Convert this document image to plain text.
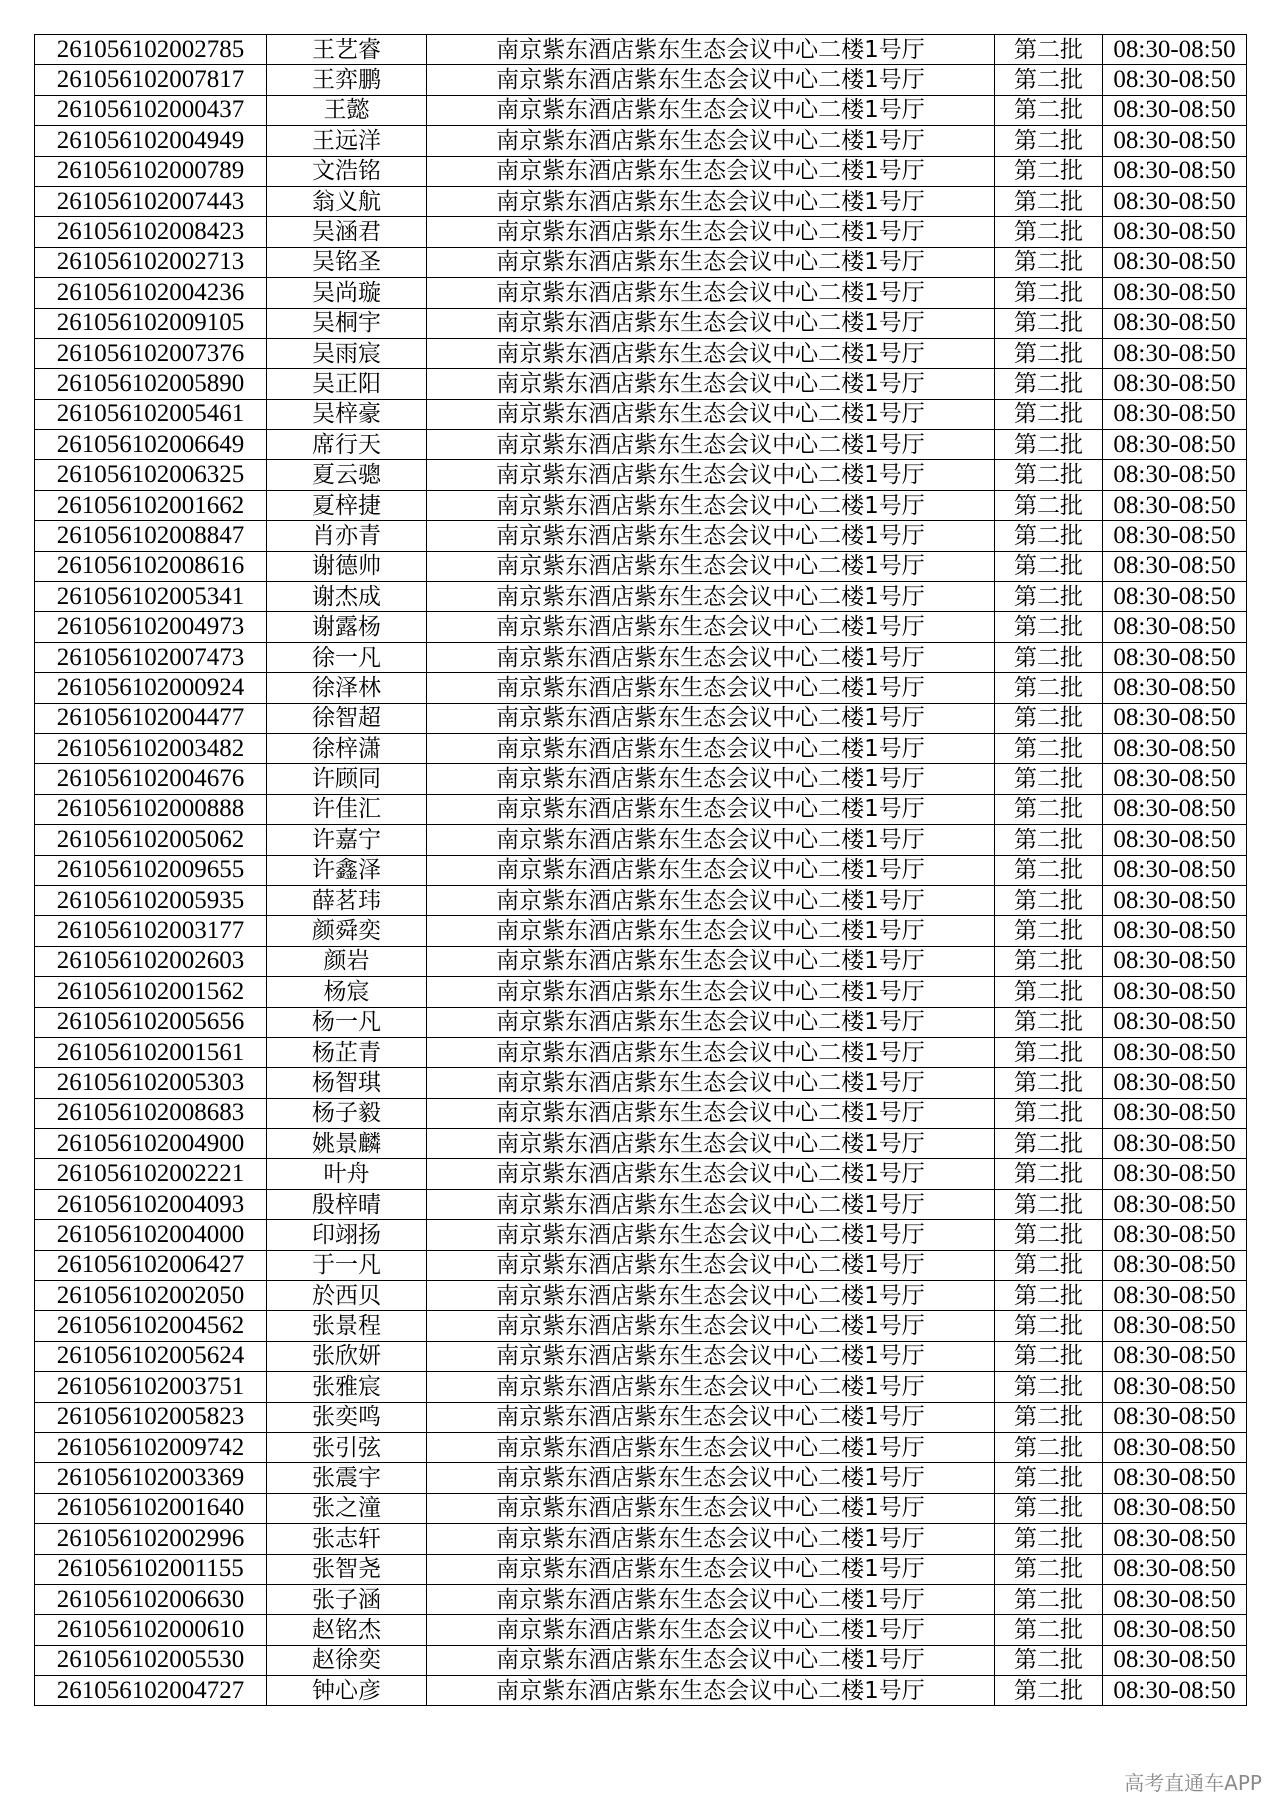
261056102002785	王艺睿	南京紫东酒店紫东生态会议中心二楼1号厅	第二批	08:30-08:50
261056102007817	王弈鹏	南京紫东酒店紫东生态会议中心二楼1号厅	第二批	08:30-08:50
261056102000437	王懿	南京紫东酒店紫东生态会议中心二楼1号厅	第二批	08:30-08:50
261056102004949	王远洋	南京紫东酒店紫东生态会议中心二楼1号厅	第二批	08:30-08:50
261056102000789	文浩铭	南京紫东酒店紫东生态会议中心二楼1号厅	第二批	08:30-08:50
261056102007443	翁义航	南京紫东酒店紫东生态会议中心二楼1号厅	第二批	08:30-08:50
261056102008423	吴涵君	南京紫东酒店紫东生态会议中心二楼1号厅	第二批	08:30-08:50
261056102002713	吴铭圣	南京紫东酒店紫东生态会议中心二楼1号厅	第二批	08:30-08:50
261056102004236	吴尚璇	南京紫东酒店紫东生态会议中心二楼1号厅	第二批	08:30-08:50
261056102009105	吴桐宇	南京紫东酒店紫东生态会议中心二楼1号厅	第二批	08:30-08:50
261056102007376	吴雨宸	南京紫东酒店紫东生态会议中心二楼1号厅	第二批	08:30-08:50
261056102005890	吴正阳	南京紫东酒店紫东生态会议中心二楼1号厅	第二批	08:30-08:50
261056102005461	吴梓豪	南京紫东酒店紫东生态会议中心二楼1号厅	第二批	08:30-08:50
261056102006649	席行天	南京紫东酒店紫东生态会议中心二楼1号厅	第二批	08:30-08:50
261056102006325	夏云骢	南京紫东酒店紫东生态会议中心二楼1号厅	第二批	08:30-08:50
261056102001662	夏梓捷	南京紫东酒店紫东生态会议中心二楼1号厅	第二批	08:30-08:50
261056102008847	肖亦青	南京紫东酒店紫东生态会议中心二楼1号厅	第二批	08:30-08:50
261056102008616	谢德帅	南京紫东酒店紫东生态会议中心二楼1号厅	第二批	08:30-08:50
261056102005341	谢杰成	南京紫东酒店紫东生态会议中心二楼1号厅	第二批	08:30-08:50
261056102004973	谢露杨	南京紫东酒店紫东生态会议中心二楼1号厅	第二批	08:30-08:50
261056102007473	徐一凡	南京紫东酒店紫东生态会议中心二楼1号厅	第二批	08:30-08:50
261056102000924	徐泽林	南京紫东酒店紫东生态会议中心二楼1号厅	第二批	08:30-08:50
261056102004477	徐智超	南京紫东酒店紫东生态会议中心二楼1号厅	第二批	08:30-08:50
261056102003482	徐梓潇	南京紫东酒店紫东生态会议中心二楼1号厅	第二批	08:30-08:50
261056102004676	许顾同	南京紫东酒店紫东生态会议中心二楼1号厅	第二批	08:30-08:50
261056102000888	许佳汇	南京紫东酒店紫东生态会议中心二楼1号厅	第二批	08:30-08:50
261056102005062	许嘉宁	南京紫东酒店紫东生态会议中心二楼1号厅	第二批	08:30-08:50
261056102009655	许鑫泽	南京紫东酒店紫东生态会议中心二楼1号厅	第二批	08:30-08:50
261056102005935	薛茗玮	南京紫东酒店紫东生态会议中心二楼1号厅	第二批	08:30-08:50
261056102003177	颜舜奕	南京紫东酒店紫东生态会议中心二楼1号厅	第二批	08:30-08:50
261056102002603	颜岩	南京紫东酒店紫东生态会议中心二楼1号厅	第二批	08:30-08:50
261056102001562	杨宸	南京紫东酒店紫东生态会议中心二楼1号厅	第二批	08:30-08:50
261056102005656	杨一凡	南京紫东酒店紫东生态会议中心二楼1号厅	第二批	08:30-08:50
261056102001561	杨芷青	南京紫东酒店紫东生态会议中心二楼1号厅	第二批	08:30-08:50
261056102005303	杨智琪	南京紫东酒店紫东生态会议中心二楼1号厅	第二批	08:30-08:50
261056102008683	杨子毅	南京紫东酒店紫东生态会议中心二楼1号厅	第二批	08:30-08:50
261056102004900	姚景麟	南京紫东酒店紫东生态会议中心二楼1号厅	第二批	08:30-08:50
261056102002221	叶舟	南京紫东酒店紫东生态会议中心二楼1号厅	第二批	08:30-08:50
261056102004093	殷梓晴	南京紫东酒店紫东生态会议中心二楼1号厅	第二批	08:30-08:50
261056102004000	印翊扬	南京紫东酒店紫东生态会议中心二楼1号厅	第二批	08:30-08:50
261056102006427	于一凡	南京紫东酒店紫东生态会议中心二楼1号厅	第二批	08:30-08:50
261056102002050	於西贝	南京紫东酒店紫东生态会议中心二楼1号厅	第二批	08:30-08:50
261056102004562	张景程	南京紫东酒店紫东生态会议中心二楼1号厅	第二批	08:30-08:50
261056102005624	张欣妍	南京紫东酒店紫东生态会议中心二楼1号厅	第二批	08:30-08:50
261056102003751	张雅宸	南京紫东酒店紫东生态会议中心二楼1号厅	第二批	08:30-08:50
261056102005823	张奕鸣	南京紫东酒店紫东生态会议中心二楼1号厅	第二批	08:30-08:50
261056102009742	张引弦	南京紫东酒店紫东生态会议中心二楼1号厅	第二批	08:30-08:50
261056102003369	张震宇	南京紫东酒店紫东生态会议中心二楼1号厅	第二批	08:30-08:50
261056102001640	张之潼	南京紫东酒店紫东生态会议中心二楼1号厅	第二批	08:30-08:50
261056102002996	张志轩	南京紫东酒店紫东生态会议中心二楼1号厅	第二批	08:30-08:50
261056102001155	张智尧	南京紫东酒店紫东生态会议中心二楼1号厅	第二批	08:30-08:50
261056102006630	张子涵	南京紫东酒店紫东生态会议中心二楼1号厅	第二批	08:30-08:50
261056102000610	赵铭杰	南京紫东酒店紫东生态会议中心二楼1号厅	第二批	08:30-08:50
261056102005530	赵徐奕	南京紫东酒店紫东生态会议中心二楼1号厅	第二批	08:30-08:50
261056102004727	钟心彦	南京紫东酒店紫东生态会议中心二楼1号厅	第二批	08:30-08:50
高考直通车APP
